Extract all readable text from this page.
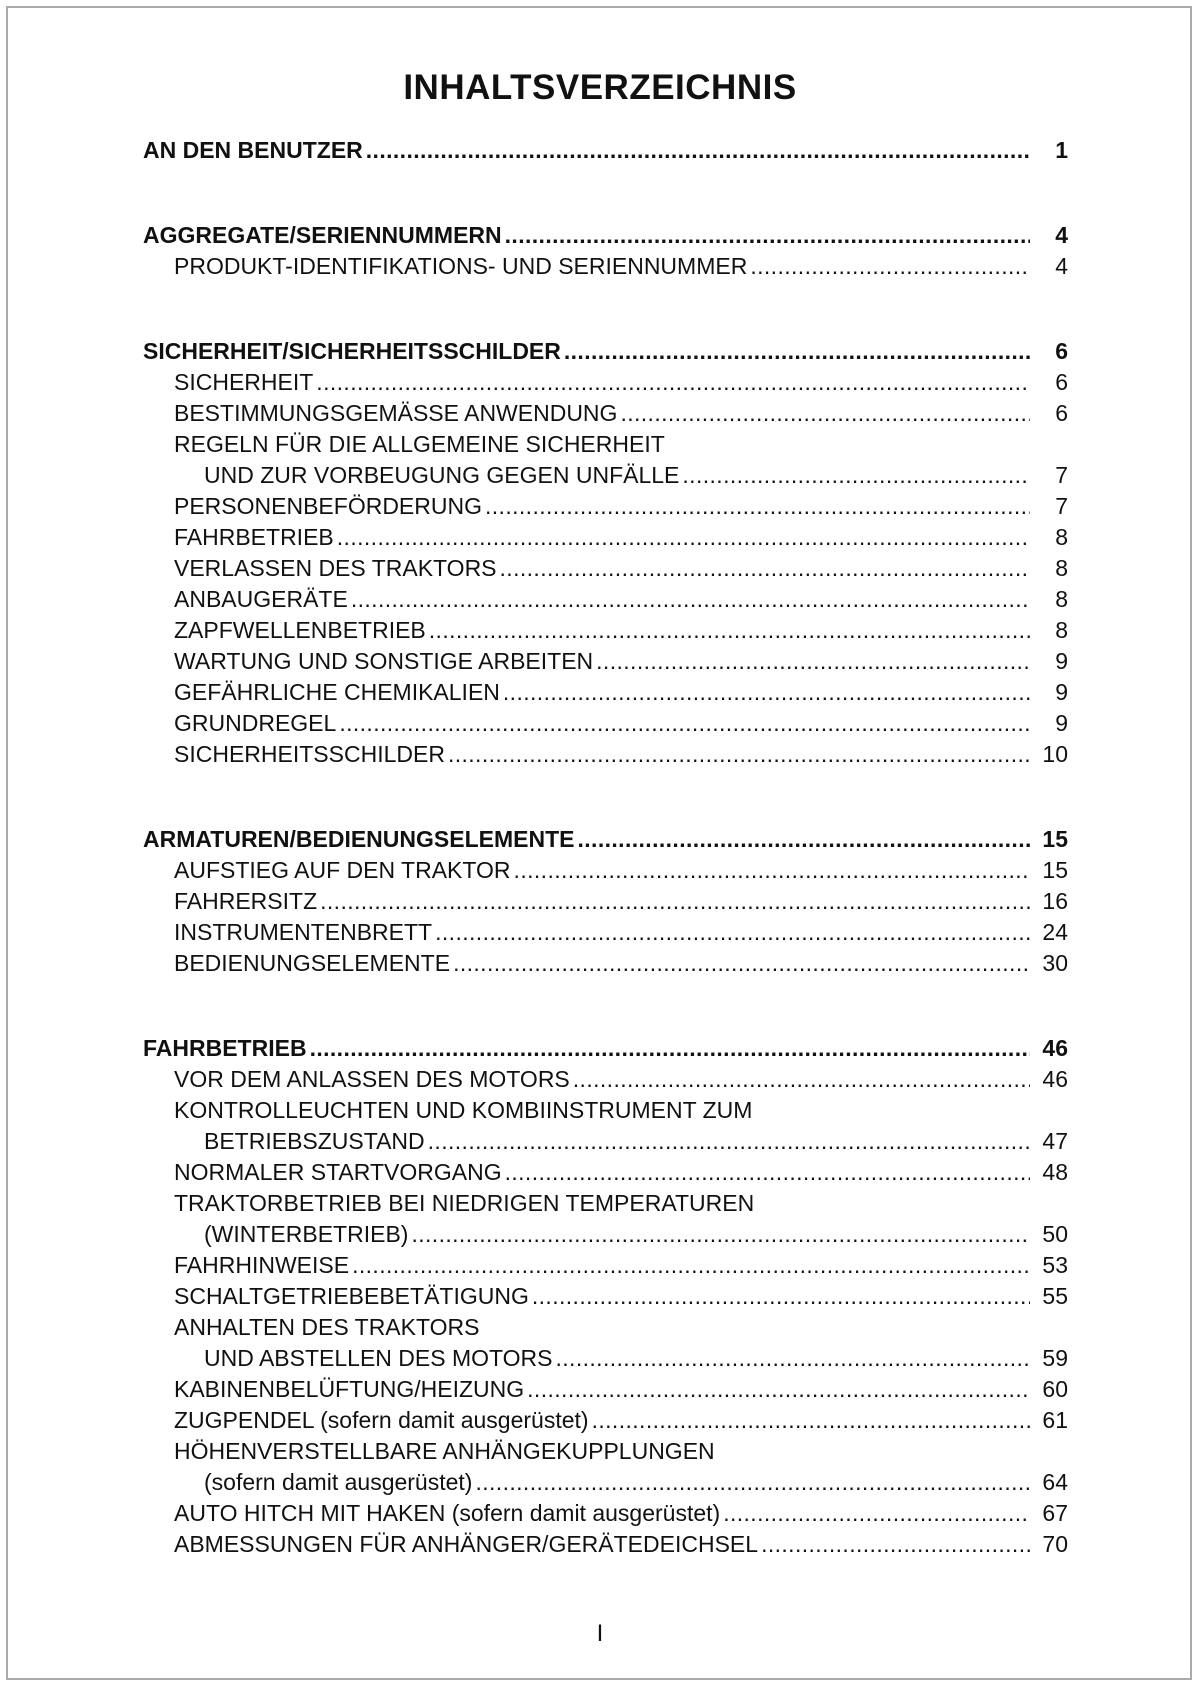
INHALTSVERZEICHNIS
AN DEN BENUTZER . . .	1
AGGREGATE/SERIENNUMMERN . . .	4
PRODUKT-IDENTIFIKATIONS- UND SERIENNUMMER . . .	4
SICHERHEIT/SICHERHEITSSCHILDER . . .	6
SICHERHEIT . . .	6
BESTIMMUNGSGEMÄSSE ANWENDUNG . . .	6
REGELN FÜR DIE ALLGEMEINE SICHERHEIT
UND ZUR VORBEUGUNG GEGEN UNFÄLLE . . .	7
PERSONENBEFÖRDERUNG . . .	7
FAHRBETRIEB . . .	8
VERLASSEN DES TRAKTORS . . .	8
ANBAUGERÄTE . . .	8
ZAPFWELLENBETRIEB . . .	8
WARTUNG UND SONSTIGE ARBEITEN . . .	9
GEFÄHRLICHE CHEMIKALIEN . . .	9
GRUNDREGEL . . .	9
SICHERHEITSSCHILDER . . .	10
ARMATUREN/BEDIENUNGSELEMENTE . . .	15
AUFSTIEG AUF DEN TRAKTOR . . .	15
FAHRERSITZ . . .	16
INSTRUMENTENBRETT . . .	24
BEDIENUNGSELEMENTE . . .	30
FAHRBETRIEB . . .	46
VOR DEM ANLASSEN DES MOTORS . . .	46
KONTROLLEUCHTEN UND KOMBIINSTRUMENT ZUM
BETRIEBSZUSTAND . . .	47
NORMALER STARTVORGANG . . .	48
TRAKTORBETRIEB BEI NIEDRIGEN TEMPERATUREN
(WINTERBETRIEB) . . .	50
FAHRHINWEISE . . .	53
SCHALTGETRIEBEBETÄTIGUNG . . .	55
ANHALTEN DES TRAKTORS
UND ABSTELLEN DES MOTORS . . .	59
KABINENBELÜFTUNG/HEIZUNG . . .	60
ZUGPENDEL (sofern damit ausgerüstet) . . .	61
HÖHENVERSTELLBARE ANHÄNGEKUPPLUNGEN
(sofern damit ausgerüstet) . . .	64
AUTO HITCH MIT HAKEN (sofern damit ausgerüstet) . . .	67
ABMESSUNGEN FÜR ANHÄNGER/GERÄTEDEICHSEL . . .	70
I
